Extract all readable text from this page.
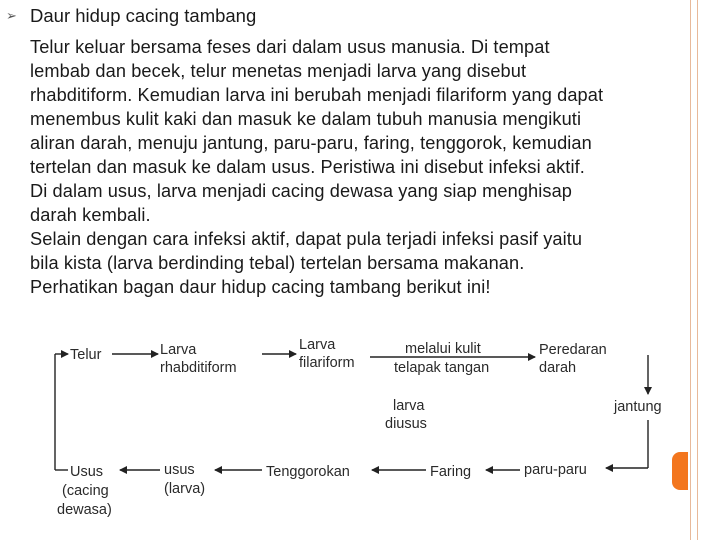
➢ Daur hidup cacing tambang

Telur keluar bersama feses dari dalam usus manusia. Di tempat

lembab dan becek, telur menetas menjadi larva yang disebut

rhabditiform. Kemudian larva ini berubah menjadi filariform yang dapat

menembus kulit kaki dan masuk ke dalam tubuh manusia mengikuti

aliran darah, menuju jantung, paru-paru, faring, tenggorok, kemudian

tertelan dan masuk ke dalam usus. Peristiwa ini disebut infeksi aktif.

Di dalam usus, larva menjadi cacing dewasa yang siap menghisap

darah kembali.

Selain dengan cara infeksi aktif, dapat pula terjadi infeksi pasif yaitu

bila kista (larva berdinding tebal) tertelan bersama makanan.

Perhatikan bagan daur hidup cacing tambang berikut ini!

Telur	Larva rhabditiform
Larva filariform
melalui kulit telapak tangan
Peredaran darah
jantung
larva diusus
paru-paru
Faring
Tenggorokan
usus (larva)
Usus (cacing dewasa)
